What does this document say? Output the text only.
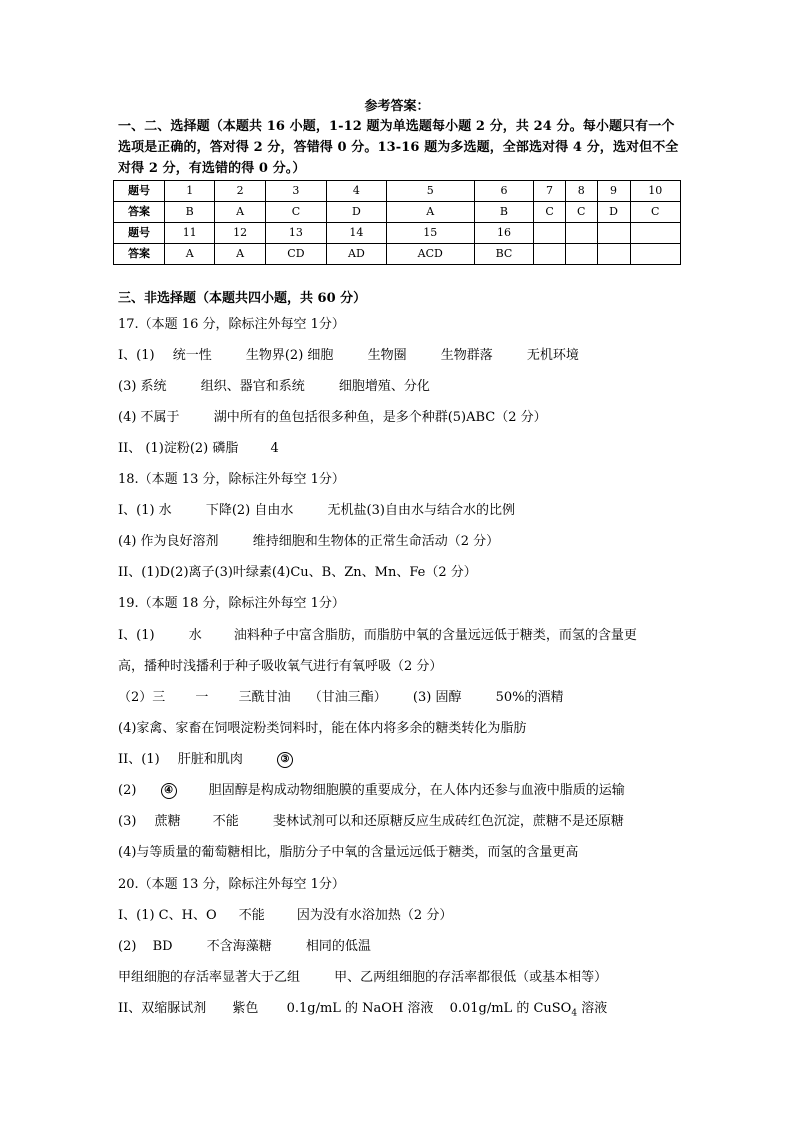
参考答案：
一、二、选择题（本题共 16 小题，1-12 题为单选题每小题 2 分，共 24 分。每小题只有一个选项是正确的，答对得 2 分，答错得 0 分。13-16 题为多选题，全部选对得 4 分，选对但不全对得 2 分，有选错的得 0 分。）
题号	1	2	3	4	5	6	7	8	9	10
答案	B	A	C	D	A	B	C	C	D	C
题号	11	12	13	14	15	16				
答案	A	A	CD	AD	ACD	BC				
三、非选择题（本题共四小题，共 60 分）
17.（本题 16 分，除标注外每空 1分）
I、(1) 统一性	生物界(2) 细胞	生物圈	生物群落	无机环境
(3) 系统	组织、器官和系统	细胞增殖、分化
(4) 不属于	湖中所有的鱼包括很多种鱼，是多个种群(5)ABC（2 分）
II、 (1)淀粉(2) 磷脂 4
18.（本题 13 分，除标注外每空 1分）
I、(1) 水	下降(2) 自由水	无机盐(3)自由水与结合水的比例
(4) 作为良好溶剂	维持细胞和生物体的正常生命活动（2 分）
II、(1)D(2)离子(3)叶绿素(4)Cu、B、Zn、Mn、Fe（2 分）
19.（本题 18 分，除标注外每空 1分）
I、(1)	水 油料种子中富含脂肪，而脂肪中氧的含量远远低于糖类，而氢的含量更
高，播种时浅播利于种子吸收氧气进行有氧呼吸（2 分）
（2）三 一 三酰甘油 （甘油三酯） (3) 固醇	50%的酒精
(4)家禽、家畜在饲喂淀粉类饲料时，能在体内将多余的糖类转化为脂肪
II、(1) 肝脏和肌肉	③
(2)	④	胆固醇是构成动物细胞膜的重要成分，在人体内还参与血液中脂质的运输
(3) 蔗糖 不能	斐林试剂可以和还原糖反应生成砖红色沉淀，蔗糖不是还原糖
(4)与等质量的葡萄糖相比，脂肪分子中氧的含量远远低于糖类，而氢的含量更高
20.（本题 13 分，除标注外每空 1分）
I、(1) C、H、O 不能 因为没有水浴加热（2 分）
(2) BD	不含海藻糖	相同的低温
甲组细胞的存活率显著大于乙组	甲、乙两组细胞的存活率都很低（或基本相等）
II、双缩脲试剂 紫色 0.1g/mL 的 NaOH 溶液 0.01g/mL 的 CuSO$_4$ 溶液
